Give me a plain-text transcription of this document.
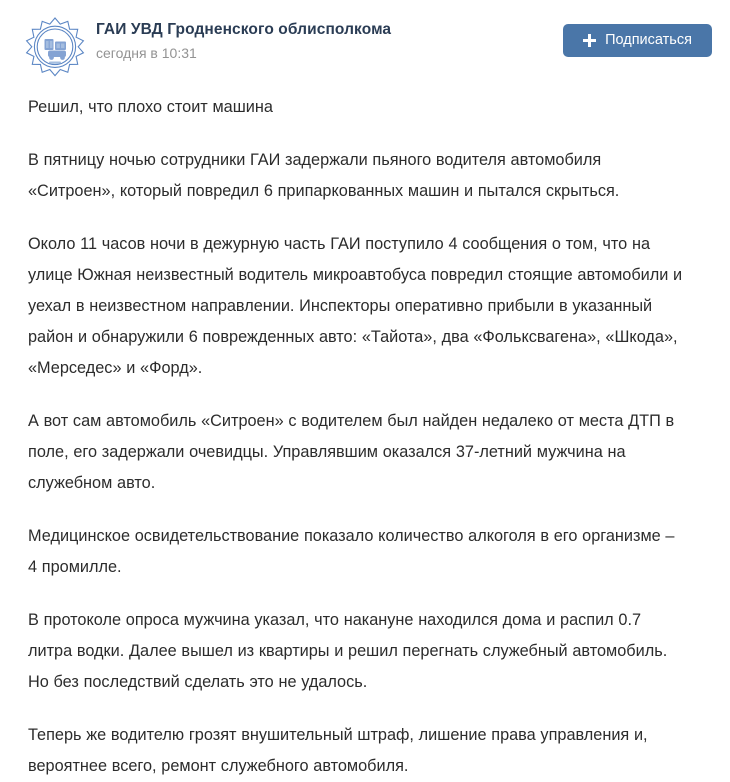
ГАИ УВД Гродненского облисполкома
сегодня в 10:31
Подписаться

Решил, что плохо стоит машина

В пятницу ночью сотрудники ГАИ задержали пьяного водителя автомобиля «Ситроен», который повредил 6 припаркованных машин и пытался скрыться.

Около 11 часов ночи в дежурную часть ГАИ поступило 4 сообщения о том, что на улице Южная неизвестный водитель микроавтобуса повредил стоящие автомобили и уехал в неизвестном направлении. Инспекторы оперативно прибыли в указанный район и обнаружили 6 поврежденных авто: «Тайота», два «Фольксвагена», «Шкода», «Мерседес» и «Форд».

А вот сам автомобиль «Ситроен» с водителем был найден недалеко от места ДТП в поле, его задержали очевидцы. Управлявшим оказался 37-летний мужчина на служебном авто.

Медицинское освидетельствование показало количество алкоголя в его организме – 4 промилле.

В протоколе опроса мужчина указал, что накануне находился дома и распил 0.7 литра водки. Далее вышел из квартиры и решил перегнать служебный автомобиль. Но без последствий сделать это не удалось.

Теперь же водителю грозят внушительный штраф, лишение права управления и, вероятнее всего, ремонт служебного автомобиля.
